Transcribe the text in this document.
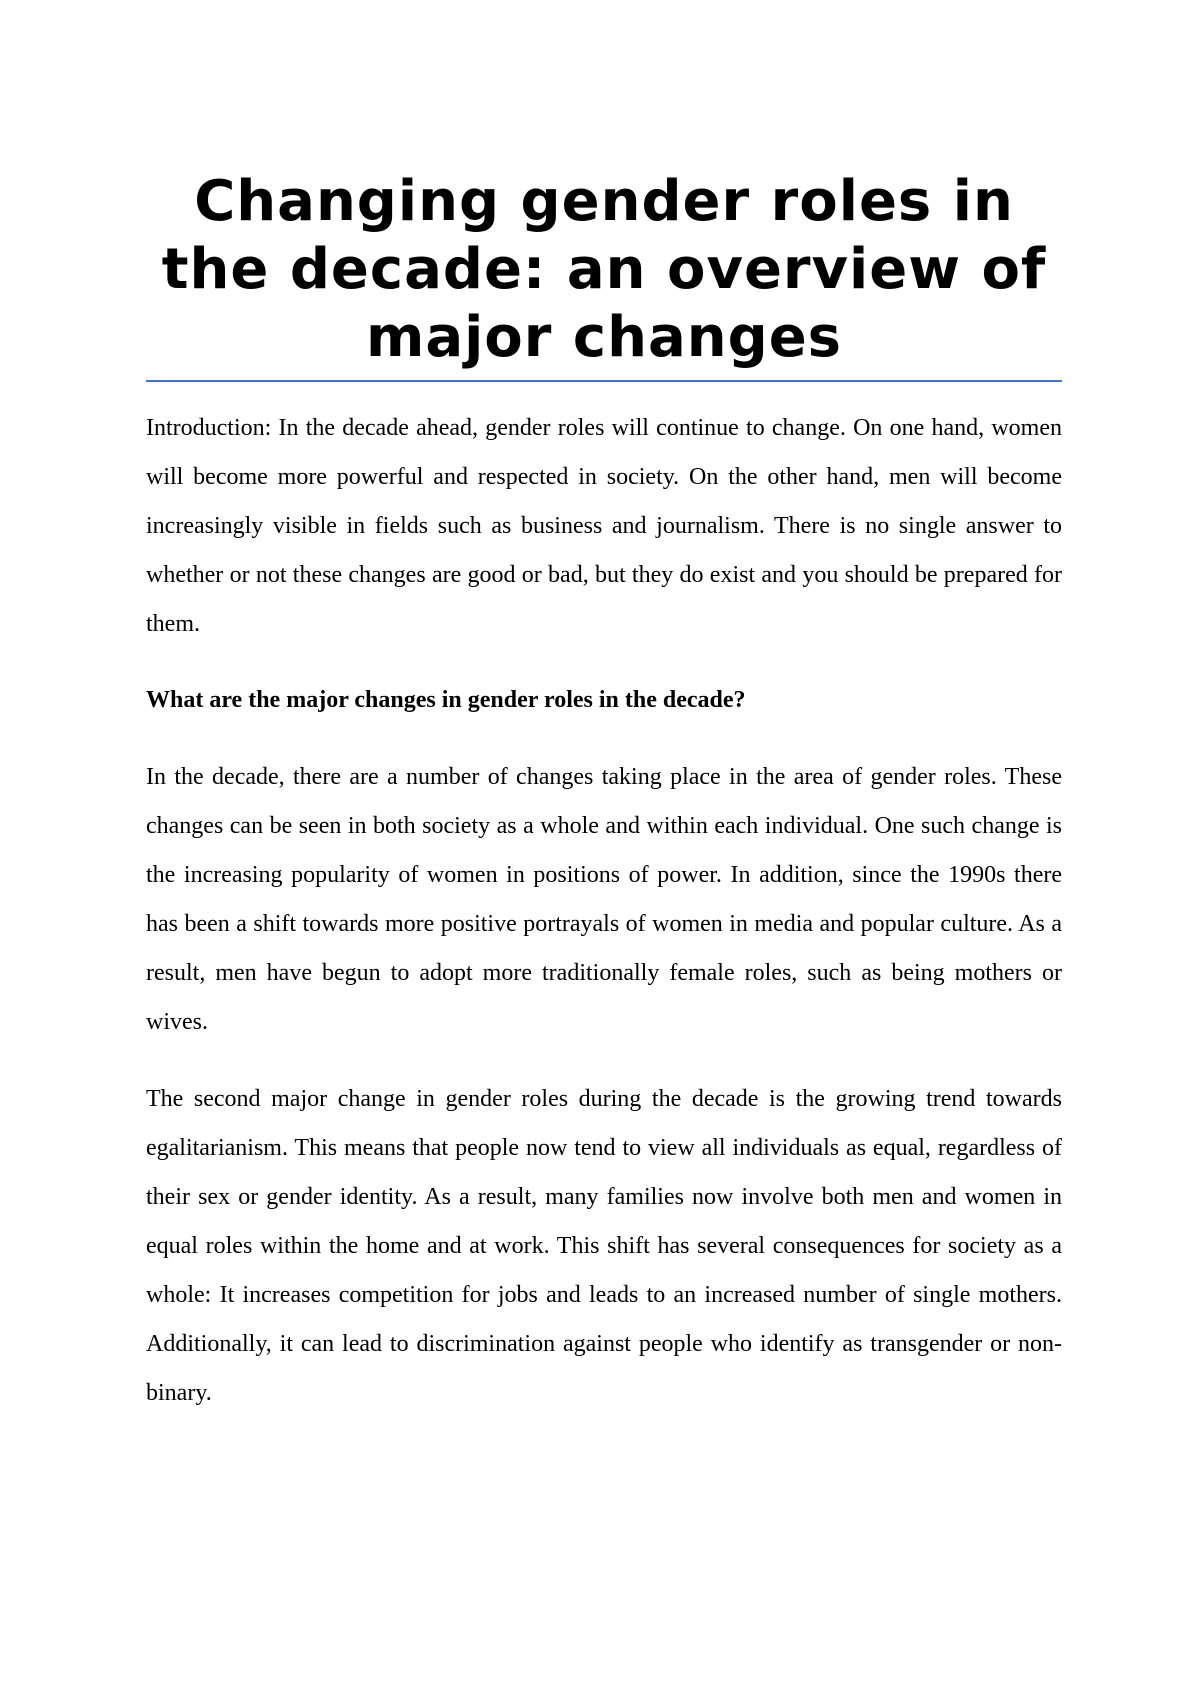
Changing gender roles in the decade: an overview of major changes

Introduction: In the decade ahead, gender roles will continue to change. On one hand, women will become more powerful and respected in society. On the other hand, men will become increasingly visible in fields such as business and journalism. There is no single answer to whether or not these changes are good or bad, but they do exist and you should be prepared for them.

What are the major changes in gender roles in the decade?

In the decade, there are a number of changes taking place in the area of gender roles. These changes can be seen in both society as a whole and within each individual. One such change is the increasing popularity of women in positions of power. In addition, since the 1990s there has been a shift towards more positive portrayals of women in media and popular culture. As a result, men have begun to adopt more traditionally female roles, such as being mothers or wives.

The second major change in gender roles during the decade is the growing trend towards egalitarianism. This means that people now tend to view all individuals as equal, regardless of their sex or gender identity. As a result, many families now involve both men and women in equal roles within the home and at work. This shift has several consequences for society as a whole: It increases competition for jobs and leads to an increased number of single mothers. Additionally, it can lead to discrimination against people who identify as transgender or non-binary.
